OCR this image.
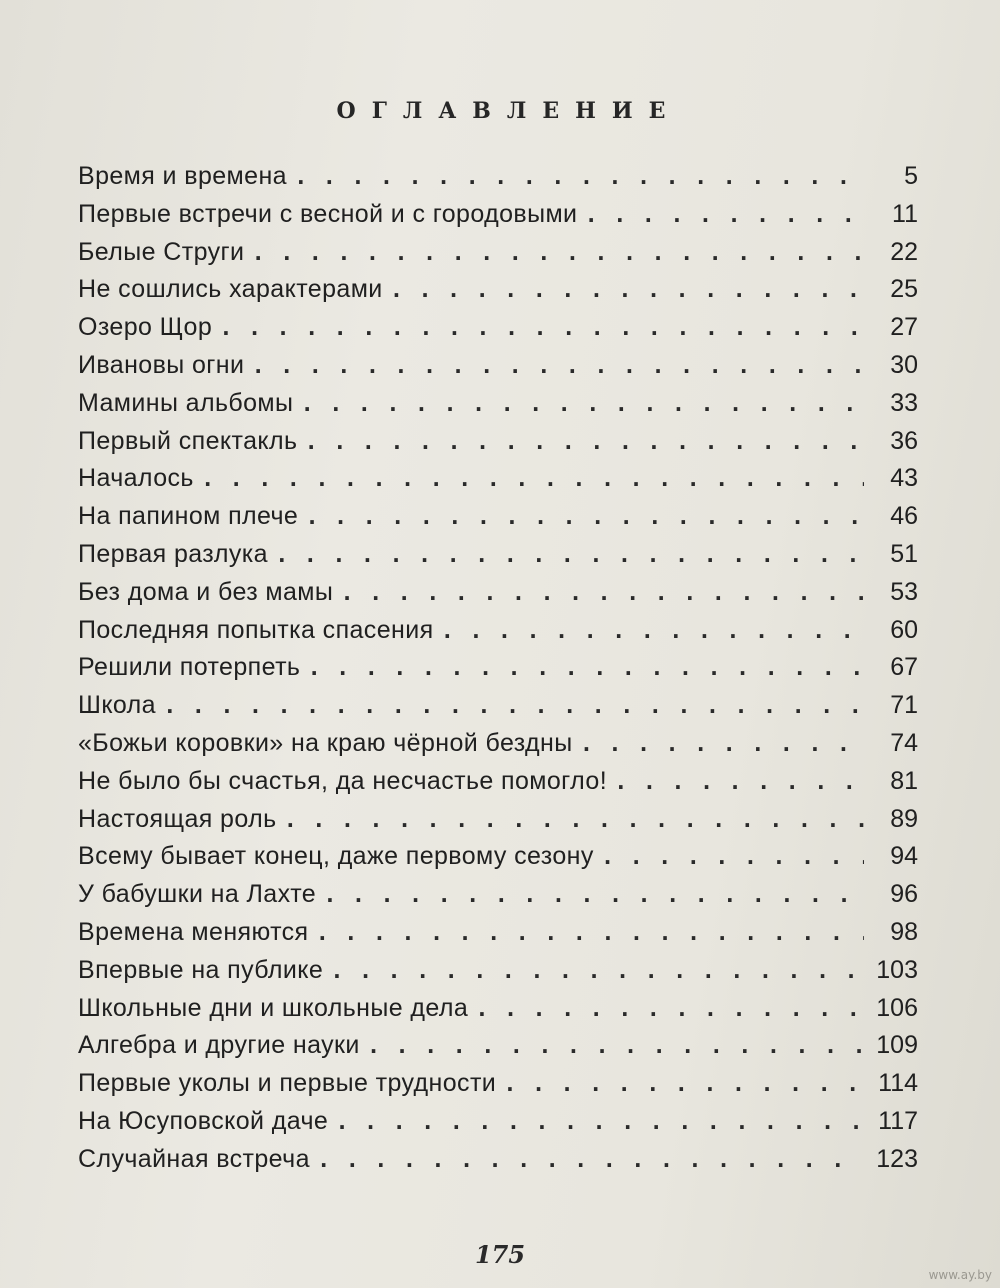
ОГЛАВЛЕНИЕ
Время и времена . . .	5
Первые встречи с весной и с городовыми . . .	11
Белые Струги . . .	22
Не сошлись характерами . . .	25
Озеро Щор . . .	27
Ивановы огни . . .	30
Мамины альбомы . . .	33
Первый спектакль . . .	36
Началось . . .	43
На папином плече . . .	46
Первая разлука . . .	51
Без дома и без мамы . . .	53
Последняя попытка спасения . . .	60
Решили потерпеть . . .	67
Школа . . .	71
«Божьи коровки» на краю чёрной бездны . . .	74
Не было бы счастья, да несчастье помогло! . . .	81
Настоящая роль . . .	89
Всему бывает конец, даже первому сезону . . .	94
У бабушки на Лахте . . .	96
Времена меняются . . .	98
Впервые на публике . . .	103
Школьные дни и школьные дела . . .	106
Алгебра и другие науки . . .	109
Первые уколы и первые трудности . . .	114
На Юсуповской даче . . .	117
Случайная встреча . . .	123
175
www.ay.by
